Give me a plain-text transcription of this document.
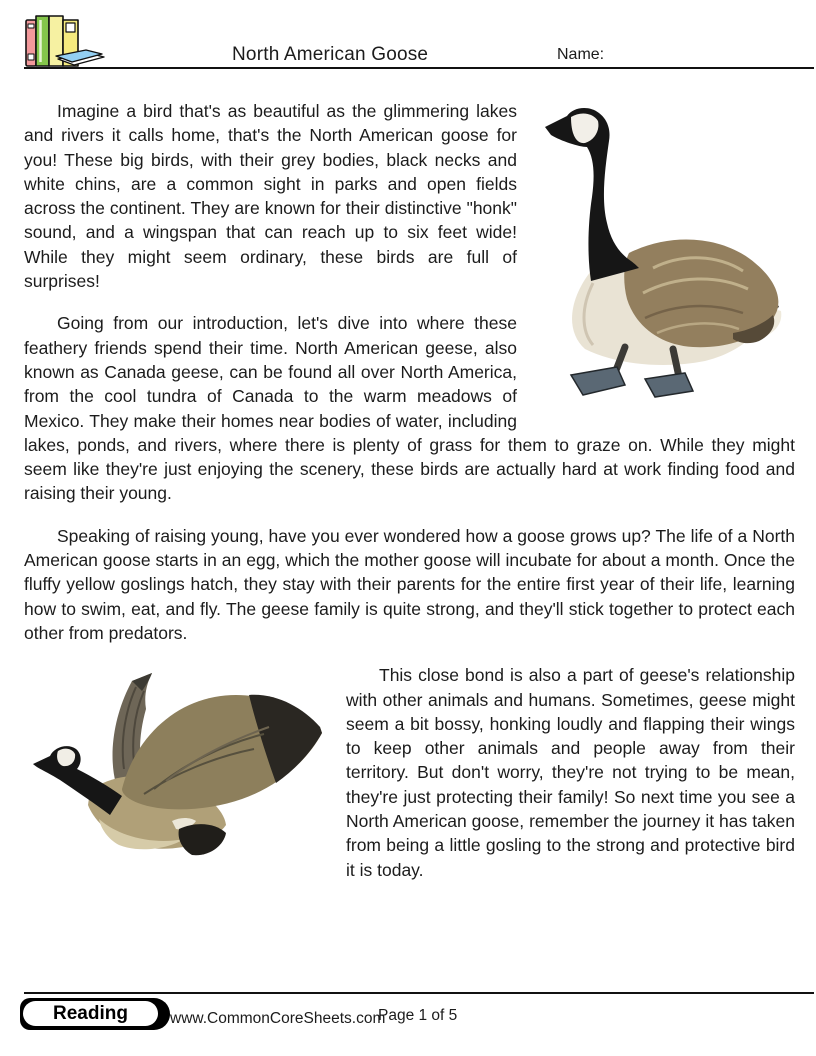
North American Goose	Name:

Imagine a bird that's as beautiful as the glimmering lakes and rivers it calls home, that's the North American goose for you! These big birds, with their grey bodies, black necks and white chins, are a common sight in parks and open fields across the continent. They are known for their distinctive "honk" sound, and a wingspan that can reach up to six feet wide! While they might seem ordinary, these birds are full of surprises!

Going from our introduction, let's dive into where these feathery friends spend their time. North American geese, also known as Canada geese, can be found all over North America, from the cool tundra of Canada to the warm meadows of Mexico. They make their homes near bodies of water, including lakes, ponds, and rivers, where there is plenty of grass for them to graze on. While they might seem like they're just enjoying the scenery, these birds are actually hard at work finding food and raising their young.

Speaking of raising young, have you ever wondered how a goose grows up? The life of a North American goose starts in an egg, which the mother goose will incubate for about a month. Once the fluffy yellow goslings hatch, they stay with their parents for the entire first year of their life, learning how to swim, eat, and fly. The geese family is quite strong, and they'll stick together to protect each other from predators.

This close bond is also a part of geese's relationship with other animals and humans. Sometimes, geese might seem a bit bossy, honking loudly and flapping their wings to keep other animals and people away from their territory. But don't worry, they're not trying to be mean, they're just protecting their family! So next time you see a North American goose, remember the journey it has taken from being a little gosling to the strong and protective bird it is today.

Reading	www.CommonCoreSheets.com
Page 1 of 5
